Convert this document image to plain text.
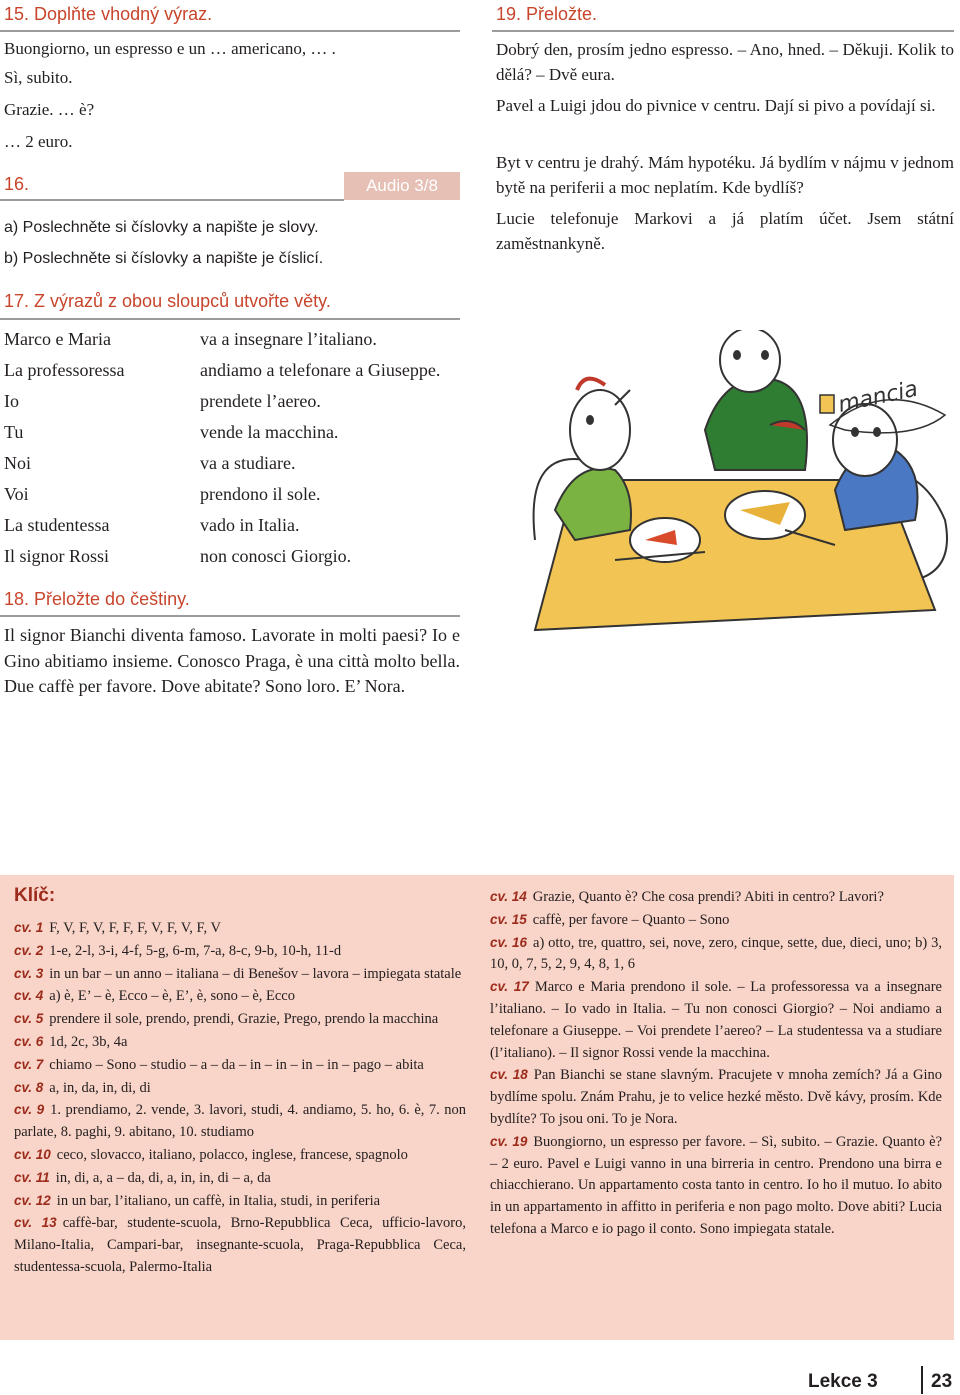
15. Doplňte vhodný výraz.
Buongiorno, un espresso e un … americano, … .
Sì, subito.
Grazie. … è?
… 2 euro.
16.	Audio 3/8
a) Poslechněte si číslovky a napište je slovy.
b) Poslechněte si číslovky a napište je číslicí.
17. Z výrazů z obou sloupců utvořte věty.
Marco e Maria
La professoressa
Io
Tu
Noi
Voi
La studentessa
Il signor Rossi
va a insegnare l’italiano.
andiamo a telefonare a Giuseppe.
prendete l’aereo.
vende la macchina.
va a studiare.
prendono il sole.
vado in Italia.
non conosci Giorgio.
18. Přeložte do češtiny.
Il signor Bianchi diventa famoso. Lavorate in molti paesi? Io e Gino abitiamo insieme. Conosco Praga, è una città molto bella. Due caffè per favore. Dove abitate? Sono loro. E’ Nora.
19. Přeložte.
Dobrý den, prosím jedno espresso. – Ano, hned. – Děkuji. Kolik to dělá? – Dvě eura.
Pavel a Luigi jdou do pivnice v centru. Dají si pivo a povídají si.
Byt v centru je drahý. Mám hypotéku. Já bydlím v nájmu v jednom bytě na periferii a moc neplatím. Kde bydlíš?
Lucie telefonuje Markovi a já platím účet. Jsem státní zaměstnankyně.
mancia
Klíč:
cv. 1 F, V, F, V, F, F, F, V, F, V, F, V
cv. 2 1-e, 2-l, 3-i, 4-f, 5-g, 6-m, 7-a, 8-c, 9-b, 10-h, 11-d
cv. 3 in un bar – un anno – italiana – di Benešov – lavora – impiegata statale
cv. 4 a) è, E’ – è, Ecco – è, E’, è, sono – è, Ecco
cv. 5 prendere il sole, prendo, prendi, Grazie, Prego, prendo la macchina
cv. 6 1d, 2c, 3b, 4a
cv. 7 chiamo – Sono – studio – a – da – in – in – in – in – pago – abita
cv. 8 a, in, da, in, di, di
cv. 9 1. prendiamo, 2. vende, 3. lavori, studi, 4. andiamo, 5. ho, 6. è, 7. non parlate, 8. paghi, 9. abitano, 10. studiamo
cv. 10 ceco, slovacco, italiano, polacco, inglese, francese, spagnolo
cv. 11 in, di, a, a – da, di, a, in, in, di – a, da
cv. 12 in un bar, l’italiano, un caffè, in Italia, studi, in periferia
cv. 13 caffè-bar, studente-scuola, Brno-Repubblica Ceca, ufficio-lavoro, Milano-Italia, Campari-bar, insegnante-scuola, Praga-Repubblica Ceca, studentessa-scuola, Palermo-Italia
cv. 14 Grazie, Quanto è? Che cosa prendi? Abiti in centro? Lavori?
cv. 15 caffè, per favore – Quanto – Sono
cv. 16 a) otto, tre, quattro, sei, nove, zero, cinque, sette, due, dieci, uno; b) 3, 10, 0, 7, 5, 2, 9, 4, 8, 1, 6
cv. 17 Marco e Maria prendono il sole. – La professoressa va a insegnare l’italiano. – Io vado in Italia. – Tu non conosci Giorgio? – Noi andiamo a telefonare a Giuseppe. – Voi prendete l’aereo? – La studentessa va a studiare (l’italiano). – Il signor Rossi vende la macchina.
cv. 18 Pan Bianchi se stane slavným. Pracujete v mnoha zemích? Já a Gino bydlíme spolu. Znám Prahu, je to velice hezké město. Dvě kávy, prosím. Kde bydlíte? To jsou oni. To je Nora.
cv. 19 Buongiorno, un espresso per favore. – Sì, subito. – Grazie. Quanto è? – 2 euro. Pavel e Luigi vanno in una birreria in centro. Prendono una birra e chiacchierano. Un appartamento costa tanto in centro. Io ho il mutuo. Io abito in un appartamento in affitto in periferia e non pago molto. Dove abiti? Lucia telefona a Marco e io pago il conto. Sono impiegata statale.
Lekce 3	23
